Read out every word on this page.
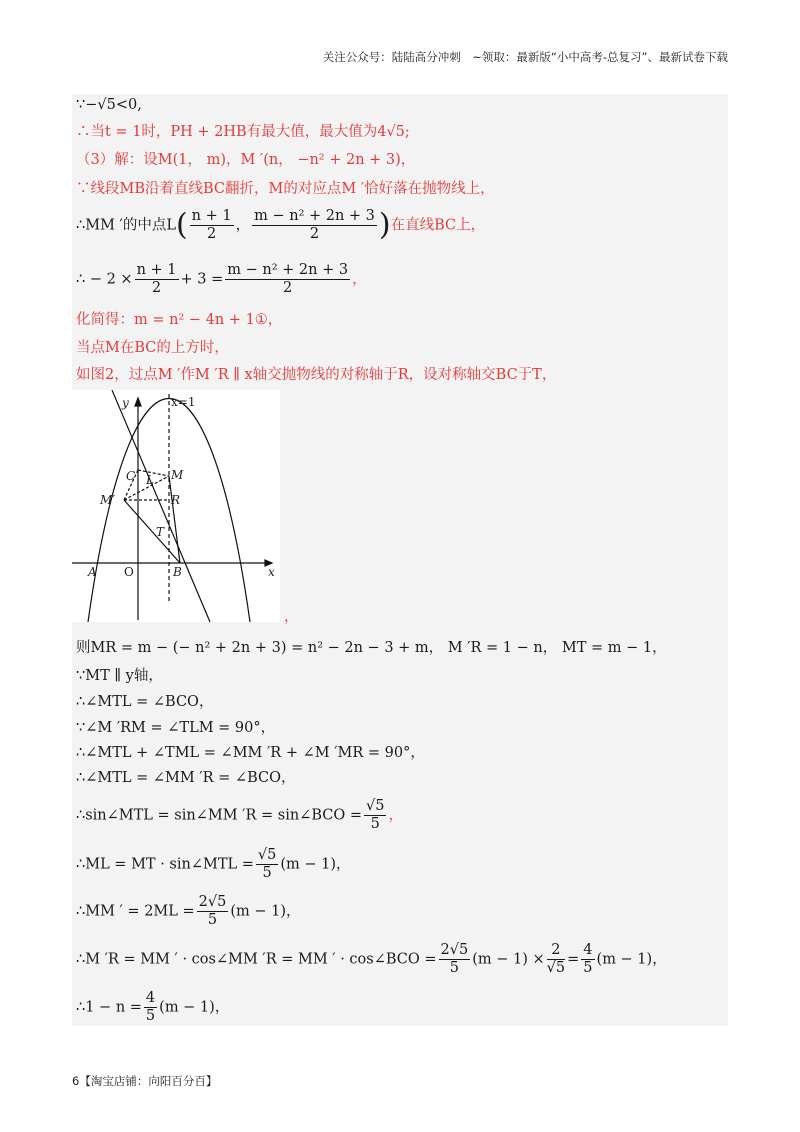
关注公众号：陆陆高分冲刺　~领取：最新版“小中高考-总复习”、最新试卷下载
∵−√5<0,
∴当t = 1时，PH + 2HB有最大值，最大值为4√5;
（3）解：设M(1， m)，M ′(n， −n² + 2n + 3)，
∵线段MB沿着直线BC翻折，M的对应点M ′恰好落在抛物线上，
∴MM ′的中点$L( \frac{n + 1}{2}$ ， $\frac{\text{m − n² + 2n + 3}}{2}$ )在直线BC上，
∴ − $2 \times \frac{n + 1}{2} + 3 = \frac{\text{m − n² + 2n + 3}}{2}$ ，
化简得：m = n² − 4n + 1①，
当点M在BC的上方时，
如图2，过点M ′作M ′R ∥ x轴交抛物线的对称轴于R，设对称轴交BC于T，
y
x
x=1
C L M
M′	R
T
A O	B
，
则MR = m − (− n² + 2n + 3) = n² − 2n − 3 + m， M ′R = 1 − n， MT = m − 1，
∵MT ∥ y轴，
∴∠MTL = ∠BCO，
∵∠M ′RM = ∠TLM = 90°，
∴∠MTL + ∠TML = ∠MM ′R + ∠M ′MR = 90°，
∴∠MTL = ∠MM ′R = ∠BCO，
∴sin∠MTL = sin∠MM ′R = sin∠BCO = $\frac{√5}{5}$ ，
∴ML = MT · sin∠MTL = $\frac{√5}{5} (m - 1)$，
∴MM ′ = $2ML = \frac{2√5}{5} (m - 1)$，
∴M ′R = MM ′ · cos∠MM ′R = MM ′ · cos∠BCO = $\frac{2√5}{5} (m - 1) \times \frac{2}{√5} = \frac{4}{5} (m - 1)$，
∴1 − $n = \frac{4}{5} (m - 1)$，
6【淘宝店铺：向阳百分百】
